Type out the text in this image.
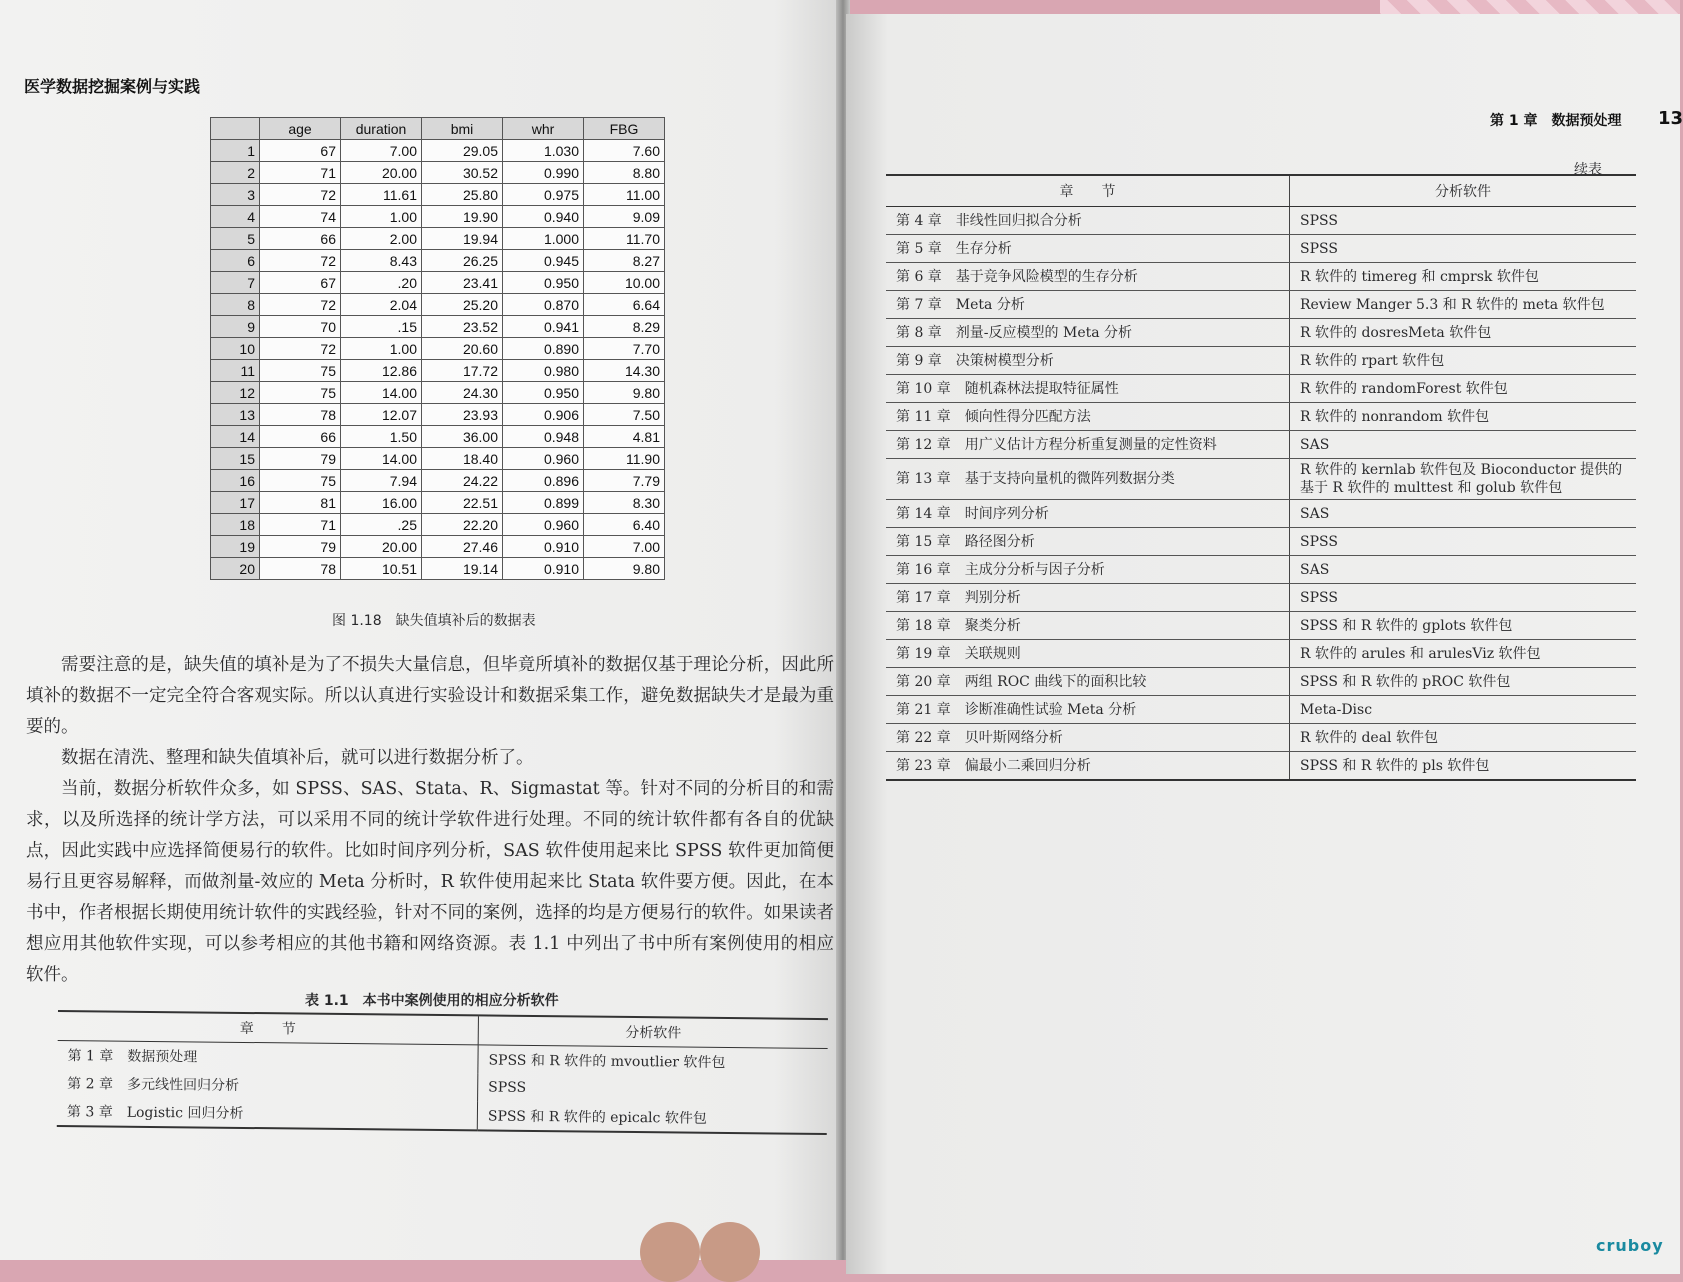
医学数据挖掘案例与实践
	age	duration	bmi	whr	FBG
1	67	7.00	29.05	1.030	7.60
2	71	20.00	30.52	0.990	8.80
3	72	11.61	25.80	0.975	11.00
4	74	1.00	19.90	0.940	9.09
5	66	2.00	19.94	1.000	11.70
6	72	8.43	26.25	0.945	8.27
7	67	.20	23.41	0.950	10.00
8	72	2.04	25.20	0.870	6.64
9	70	.15	23.52	0.941	8.29
10	72	1.00	20.60	0.890	7.70
11	75	12.86	17.72	0.980	14.30
12	75	14.00	24.30	0.950	9.80
13	78	12.07	23.93	0.906	7.50
14	66	1.50	36.00	0.948	4.81
15	79	14.00	18.40	0.960	11.90
16	75	7.94	24.22	0.896	7.79
17	81	16.00	22.51	0.899	8.30
18	71	.25	22.20	0.960	6.40
19	79	20.00	27.46	0.910	7.00
20	78	10.51	19.14	0.910	9.80
图 1.18　缺失值填补后的数据表

需要注意的是，缺失值的填补是为了不损失大量信息，但毕竟所填补的数据仅基于理论分析，因此所填补的数据不一定完全符合客观实际。所以认真进行实验设计和数据采集工作，避免数据缺失才是最为重要的。

数据在清洗、整理和缺失值填补后，就可以进行数据分析了。

当前，数据分析软件众多，如 SPSS、SAS、Stata、R、Sigmastat 等。针对不同的分析目的和需求，以及所选择的统计学方法，可以采用不同的统计学软件进行处理。不同的统计软件都有各自的优缺点，因此实践中应选择简便易行的软件。比如时间序列分析，SAS 软件使用起来比 SPSS 软件更加简便易行且更容易解释，而做剂量-效应的 Meta 分析时，R 软件使用起来比 Stata 软件要方便。因此，在本书中，作者根据长期使用统计软件的实践经验，针对不同的案例，选择的均是方便易行的软件。如果读者想应用其他软件实现，可以参考相应的其他书籍和网络资源。表 1.1 中列出了书中所有案例使用的相应软件。

表 1.1　本书中案例使用的相应分析软件
章　　节	分析软件
第 1 章　数据预处理	SPSS 和 R 软件的 mvoutlier 软件包
第 2 章　多元线性回归分析	SPSS
第 3 章　Logistic 回归分析	SPSS 和 R 软件的 epicalc 软件包
第 1 章　数据预处理 13
续表
章　　节	分析软件
第 4 章　非线性回归拟合分析	SPSS
第 5 章　生存分析	SPSS
第 6 章　基于竞争风险模型的生存分析	R 软件的 timereg 和 cmprsk 软件包
第 7 章　Meta 分析	Review Manger 5.3 和 R 软件的 meta 软件包
第 8 章　剂量-反应模型的 Meta 分析	R 软件的 dosresMeta 软件包
第 9 章　决策树模型分析	R 软件的 rpart 软件包
第 10 章　随机森林法提取特征属性	R 软件的 randomForest 软件包
第 11 章　倾向性得分匹配方法	R 软件的 nonrandom 软件包
第 12 章　用广义估计方程分析重复测量的定性资料	SAS
第 13 章　基于支持向量机的微阵列数据分类	R 软件的 kernlab 软件包及 Bioconductor 提供的基于 R 软件的 multtest 和 golub 软件包
第 14 章　时间序列分析	SAS
第 15 章　路径图分析	SPSS
第 16 章　主成分分析与因子分析	SAS
第 17 章　判别分析	SPSS
第 18 章　聚类分析	SPSS 和 R 软件的 gplots 软件包
第 19 章　关联规则	R 软件的 arules 和 arulesViz 软件包
第 20 章　两组 ROC 曲线下的面积比较	SPSS 和 R 软件的 pROC 软件包
第 21 章　诊断准确性试验 Meta 分析	Meta-Disc
第 22 章　贝叶斯网络分析	R 软件的 deal 软件包
第 23 章　偏最小二乘回归分析	SPSS 和 R 软件的 pls 软件包
cruboy
